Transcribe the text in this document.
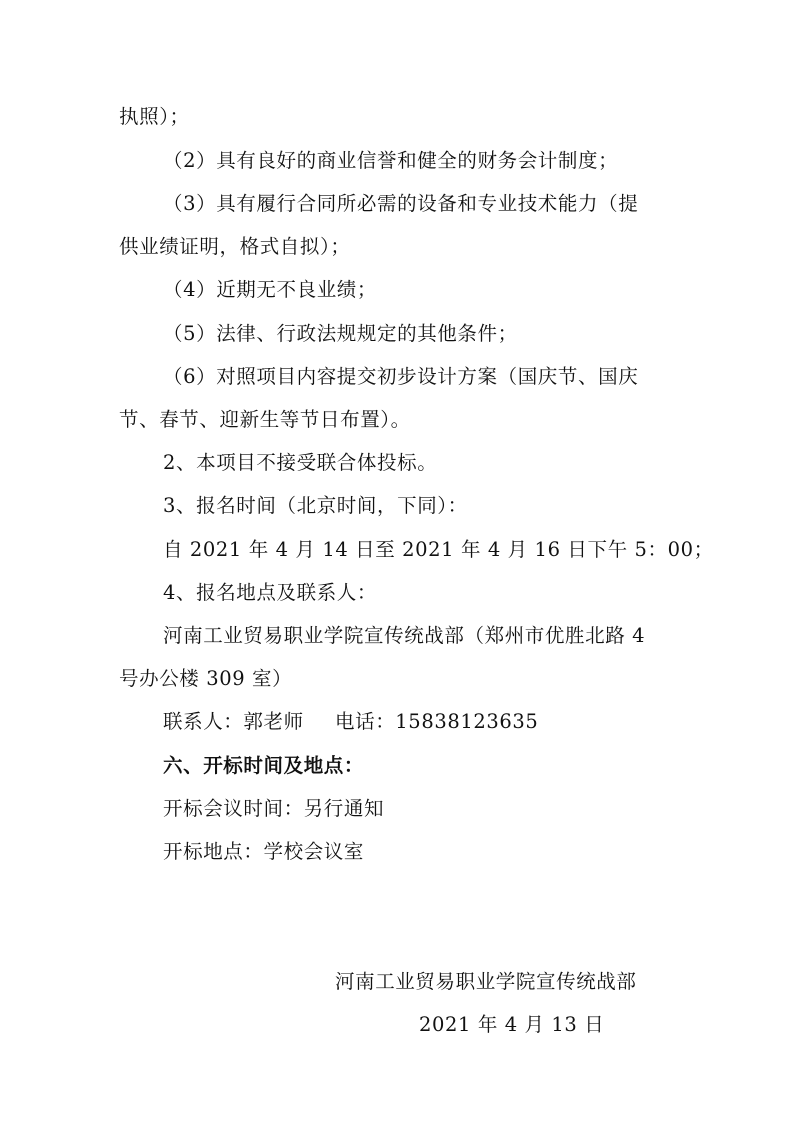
执照）；
（2）具有良好的商业信誉和健全的财务会计制度；
（3）具有履行合同所必需的设备和专业技术能力（提
供业绩证明，格式自拟）；
（4）近期无不良业绩；
（5）法律、行政法规规定的其他条件；
（6）对照项目内容提交初步设计方案（国庆节、国庆
节、春节、迎新生等节日布置）。
2、本项目不接受联合体投标。
3、报名时间（北京时间，下同）：
自 2021 年 4 月 14 日至 2021 年 4 月 16 日下午 5：00；
4、报名地点及联系人：
河南工业贸易职业学院宣传统战部（郑州市优胜北路 4
号办公楼 309 室）
联系人：郭老师 电话：15838123635
六、开标时间及地点：
开标会议时间：另行通知
开标地点：学校会议室
河南工业贸易职业学院宣传统战部
2021 年 4 月 13 日
